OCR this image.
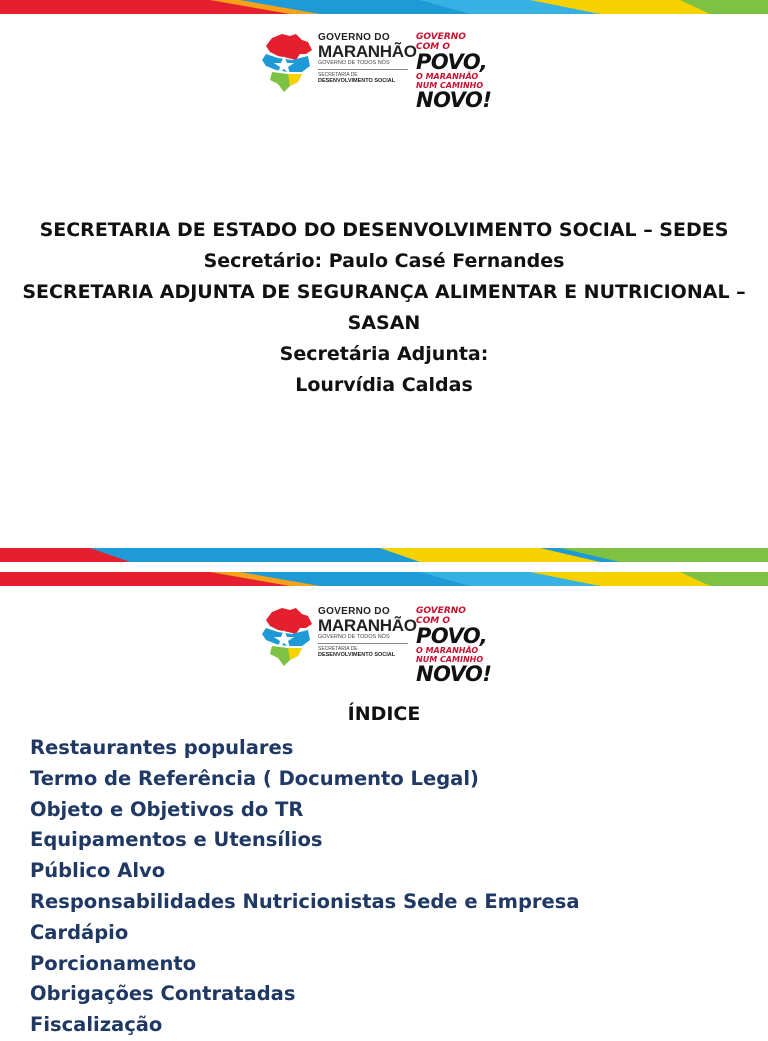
GOVERNO DO
MARANHÃO
GOVERNO DE TODOS NÓS
SECRETARIA DE
DESENVOLVIMENTO SOCIAL
GOVERNO COM O
POVO,
O MARANHÃO NUM CAMINHO
NOVO!
SECRETARIA DE ESTADO DO DESENVOLVIMENTO SOCIAL – SEDES
Secretário: Paulo Casé Fernandes
SECRETARIA ADJUNTA DE SEGURANÇA ALIMENTAR E NUTRICIONAL – SASAN
Secretária Adjunta:
Lourvídia Caldas
GOVERNO DO
MARANHÃO
GOVERNO DE TODOS NÓS
SECRETARIA DE
DESENVOLVIMENTO SOCIAL
GOVERNO COM O
POVO,
O MARANHÃO NUM CAMINHO
NOVO!
ÍNDICE
Restaurantes populares
Termo de Referência ( Documento Legal)
Objeto e Objetivos do TR
Equipamentos e Utensílios
Público Alvo
Responsabilidades Nutricionistas Sede e Empresa
Cardápio
Porcionamento
Obrigações Contratadas
Fiscalização
